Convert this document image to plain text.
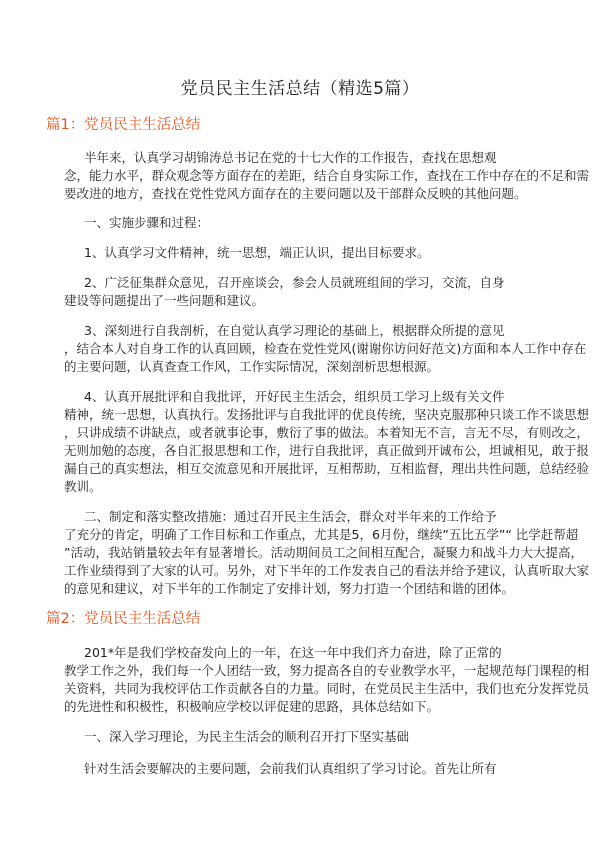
党员民主生活总结（精选5篇）
篇1：党员民主生活总结

半年来，认真学习胡锦涛总书记在党的十七大作的工作报告，查找在思想观

念，能力水平，群众观念等方面存在的差距，结合自身实际工作，查找在工作中存在的不足和需

要改进的地方，查找在党性党风方面存在的主要问题以及干部群众反映的其他问题。

一、实施步骤和过程：

1、认真学习文件精神，统一思想，端正认识，提出目标要求。

2、广泛征集群众意见，召开座谈会，参会人员就班组间的学习，交流，自身

建设等问题提出了一些问题和建议。

3、深刻进行自我剖析，在自觉认真学习理论的基础上，根据群众所提的意见

，结合本人对自身工作的认真回顾，检查在党性党风(谢谢你访问好范文)方面和本人工作中存在

的主要问题，认真查查工作风，工作实际情况，深刻剖析思想根源。

4、认真开展批评和自我批评，开好民主生活会，组织员工学习上级有关文件

精神，统一思想，认真执行。发扬批评与自我批评的优良传统，坚决克服那种只谈工作不谈思想

，只讲成绩不讲缺点，或者就事论事，敷衍了事的做法。本着知无不言，言无不尽，有则改之，

无则加勉的态度，各自汇报思想和工作，进行自我批评，真正做到开诚布公，坦诚相见，敢于报

漏自己的真实想法，相互交流意见和开展批评，互相帮助，互相监督，理出共性问题，总结经验

教训。

二、制定和落实整改措施：通过召开民主生活会，群众对半年来的工作给予

了充分的肯定，明确了工作目标和工作重点，尤其是5，6月份，继续”五比五学”“ 比学赶帮超

”活动，我站销量较去年有显著增长。活动期间员工之间相互配合，凝聚力和战斗力大大提高，

工作业绩得到了大家的认可。另外，对下半年的工作发表自己的看法并给予建议，认真听取大家

的意见和建议，对下半年的工作制定了安排计划，努力打造一个团结和谐的团体。

篇2：党员民主生活总结

201*年是我们学校奋发向上的一年，在这一年中我们齐力奋进，除了正常的

教学工作之外，我们每一个人团结一致，努力提高各自的专业教学水平，一起规范每门课程的相

关资料，共同为我校评估工作贡献各自的力量。同时，在党员民主生活中，我们也充分发挥党员

的先进性和积极性，积极响应学校以评促建的思路，具体总结如下。

一、深入学习理论，为民主生活会的顺利召开打下坚实基础

针对生活会要解决的主要问题，会前我们认真组织了学习讨论。首先让所有
